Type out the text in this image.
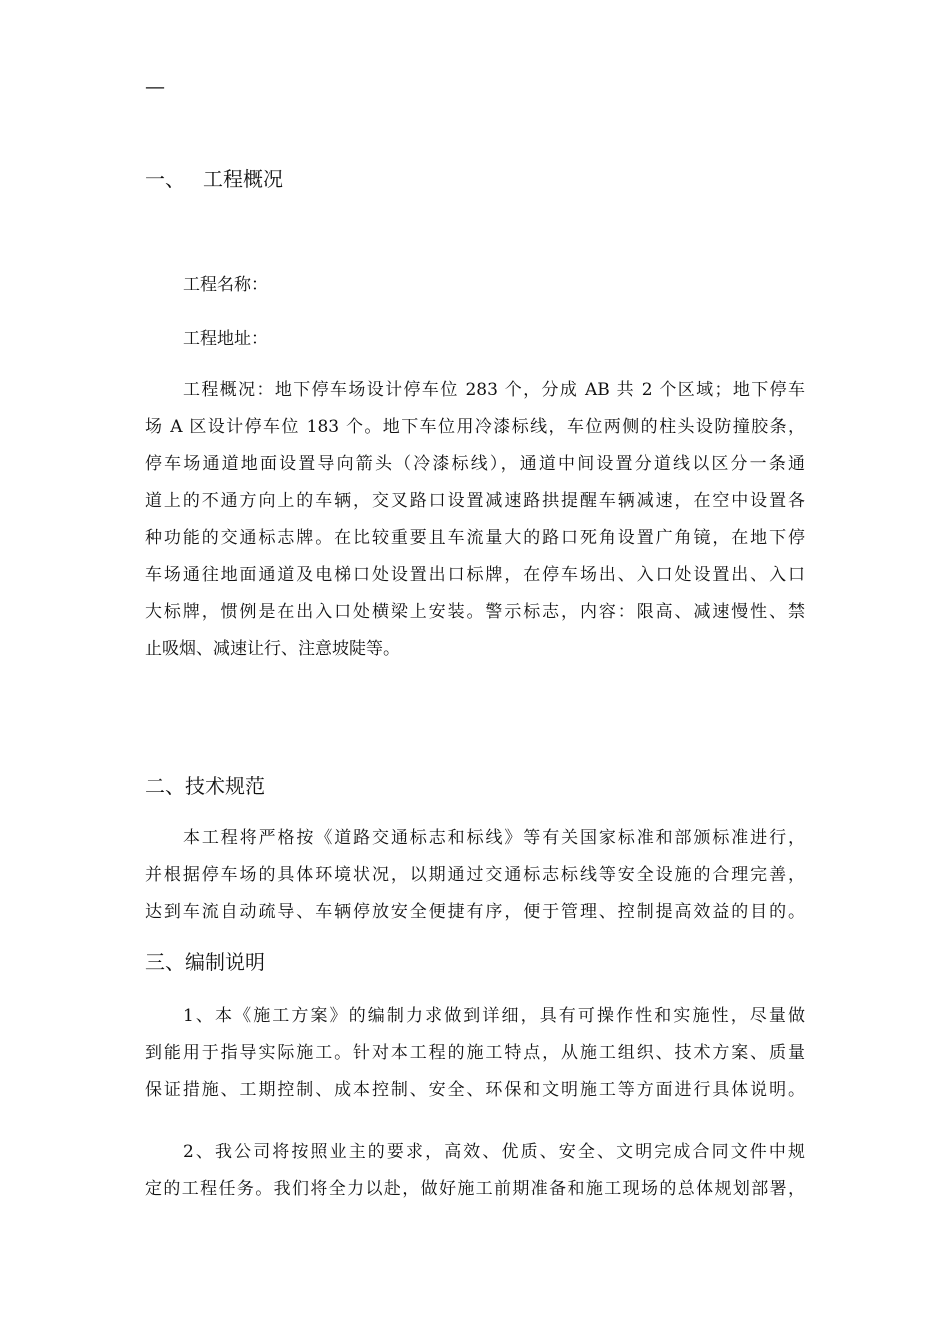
—
一、 工程概况
工程名称：
工程地址：
工程概况：地下停车场设计停车位 283 个，分成 AB 共 2 个区域；地下停车
场 A 区设计停车位 183 个。地下车位用冷漆标线，车位两侧的柱头设防撞胶条，
停车场通道地面设置导向箭头（冷漆标线），通道中间设置分道线以区分一条通
道上的不通方向上的车辆，交叉路口设置减速路拱提醒车辆减速，在空中设置各
种功能的交通标志牌。在比较重要且车流量大的路口死角设置广角镜，在地下停
车场通往地面通道及电梯口处设置出口标牌，在停车场出、入口处设置出、入口
大标牌，惯例是在出入口处横梁上安装。警示标志，内容：限高、减速慢性、禁
止吸烟、减速让行、注意坡陡等。
二、技术规范
本工程将严格按《道路交通标志和标线》等有关国家标准和部颁标准进行，
并根据停车场的具体环境状况，以期通过交通标志标线等安全设施的合理完善，
达到车流自动疏导、车辆停放安全便捷有序，便于管理、控制提高效益的目的。
三、编制说明
1、本《施工方案》的编制力求做到详细，具有可操作性和实施性，尽量做
到能用于指导实际施工。针对本工程的施工特点，从施工组织、技术方案、质量
保证措施、工期控制、成本控制、安全、环保和文明施工等方面进行具体说明。
2、我公司将按照业主的要求，高效、优质、安全、文明完成合同文件中规
定的工程任务。我们将全力以赴，做好施工前期准备和施工现场的总体规划部署，
